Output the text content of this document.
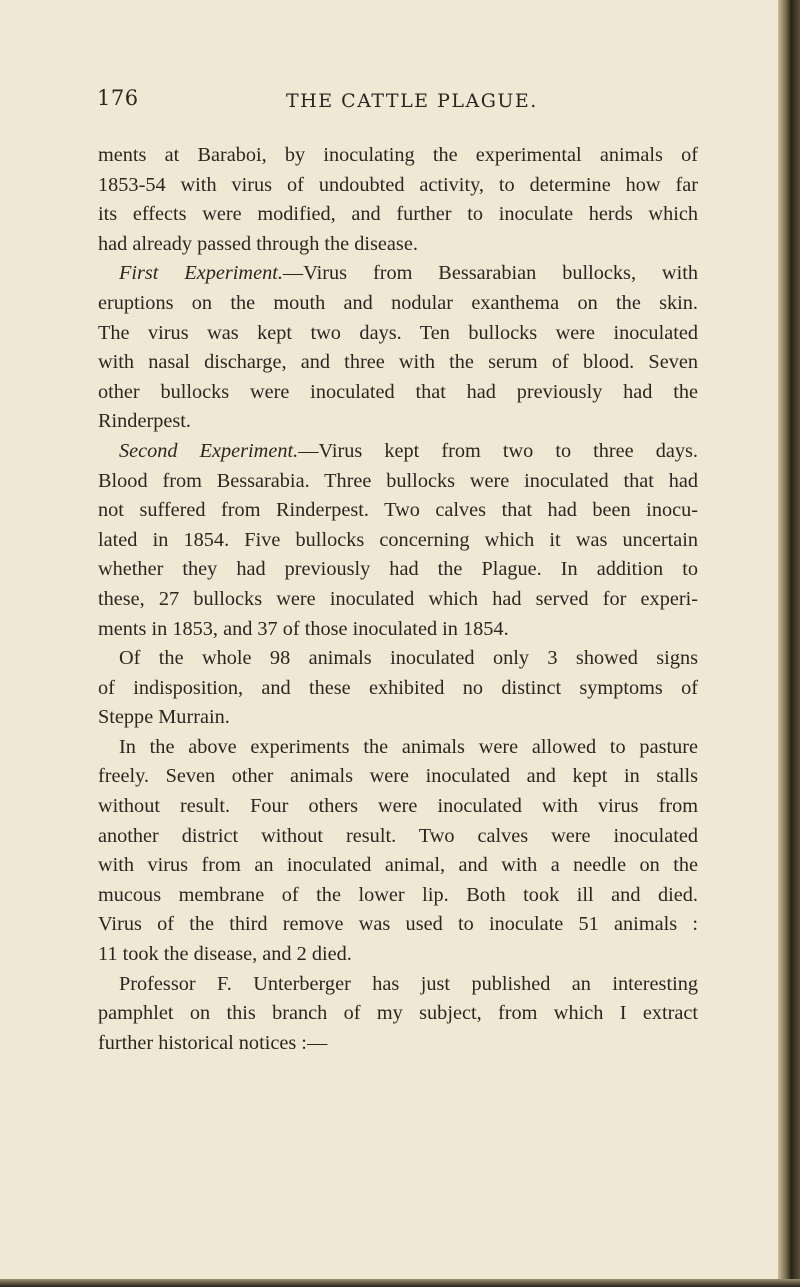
176	THE CATTLE PLAGUE.
ments at Baraboi, by inoculating the experimental animals of
1853-54 with virus of undoubted activity, to determine how far
its effects were modified, and further to inoculate herds which
had already passed through the disease.
First Experiment.—Virus from Bessarabian bullocks, with
eruptions on the mouth and nodular exanthema on the skin.
The virus was kept two days. Ten bullocks were inoculated
with nasal discharge, and three with the serum of blood. Seven
other bullocks were inoculated that had previously had the
Rinderpest.
Second Experiment.—Virus kept from two to three days.
Blood from Bessarabia. Three bullocks were inoculated that had
not suffered from Rinderpest. Two calves that had been inocu-
lated in 1854. Five bullocks concerning which it was uncertain
whether they had previously had the Plague. In addition to
these, 27 bullocks were inoculated which had served for experi-
ments in 1853, and 37 of those inoculated in 1854.
Of the whole 98 animals inoculated only 3 showed signs
of indisposition, and these exhibited no distinct symptoms of
Steppe Murrain.
In the above experiments the animals were allowed to pasture
freely. Seven other animals were inoculated and kept in stalls
without result. Four others were inoculated with virus from
another district without result. Two calves were inoculated
with virus from an inoculated animal, and with a needle on the
mucous membrane of the lower lip. Both took ill and died.
Virus of the third remove was used to inoculate 51 animals :
11 took the disease, and 2 died.
Professor F. Unterberger has just published an interesting
pamphlet on this branch of my subject, from which I extract
further historical notices :—
